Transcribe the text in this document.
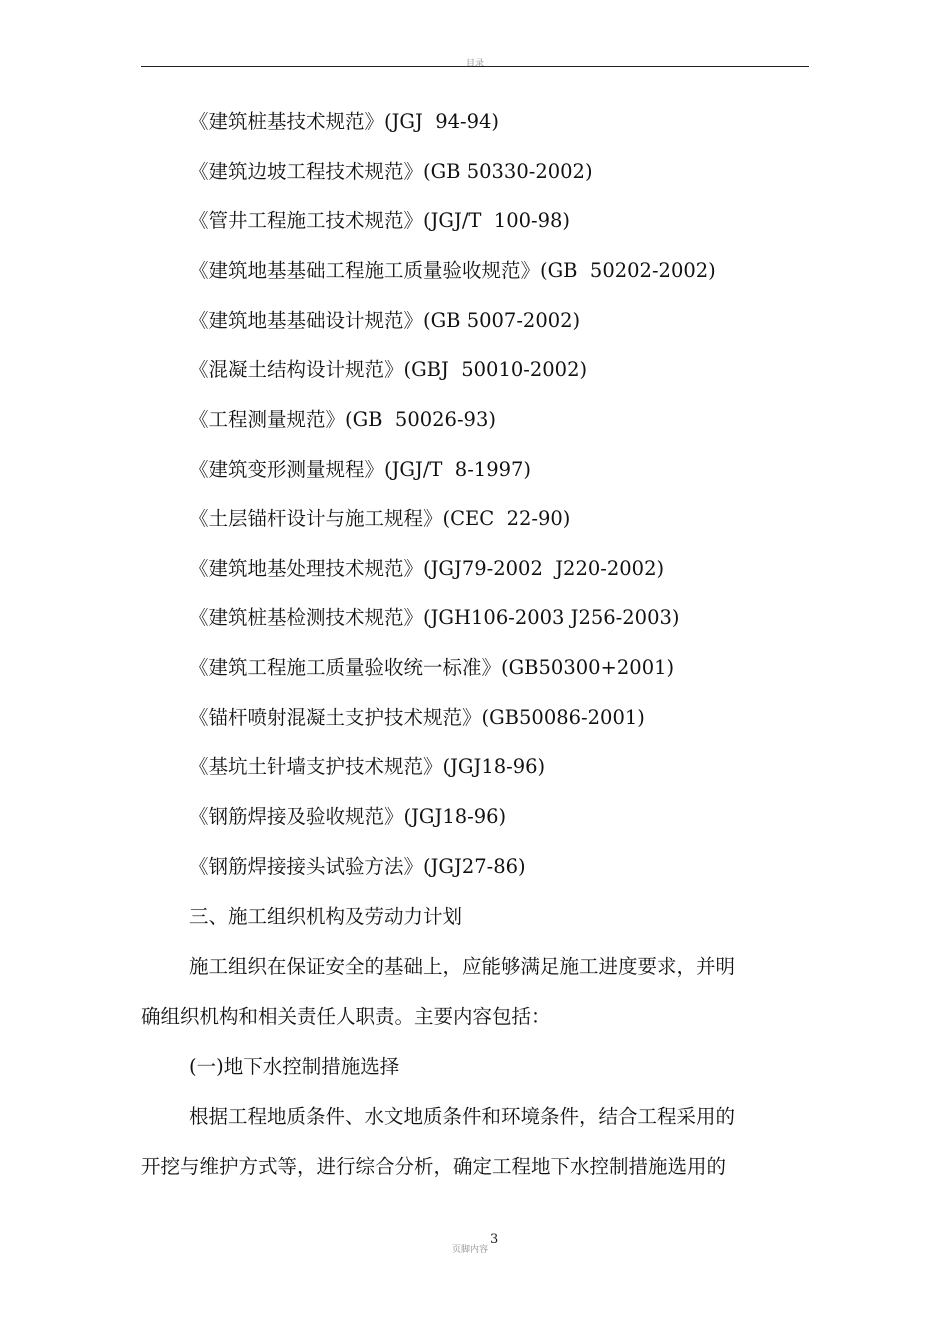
目录
《建筑桩基技术规范》(JGJ  94-94)
《建筑边坡工程技术规范》(GB 50330-2002)
《管井工程施工技术规范》(JGJ/T  100-98)
《建筑地基基础工程施工质量验收规范》(GB  50202-2002)
《建筑地基基础设计规范》(GB 5007-2002)
《混凝土结构设计规范》(GBJ  50010-2002)
《工程测量规范》(GB  50026-93)
《建筑变形测量规程》(JGJ/T  8-1997)
《土层锚杆设计与施工规程》(CEC  22-90)
《建筑地基处理技术规范》(JGJ79-2002  J220-2002)
《建筑桩基检测技术规范》(JGH106-2003 J256-2003)
《建筑工程施工质量验收统一标准》(GB50300+2001)
《锚杆喷射混凝土支护技术规范》(GB50086-2001)
《基坑土针墙支护技术规范》(JGJ18-96)
《钢筋焊接及验收规范》(JGJ18-96)
《钢筋焊接接头试验方法》(JGJ27-86)
三、施工组织机构及劳动力计划
施工组织在保证安全的基础上，应能够满足施工进度要求，并明
确组织机构和相关责任人职责。主要内容包括：
(一)地下水控制措施选择
根据工程地质条件、水文地质条件和环境条件，结合工程采用的
开挖与维护方式等，进行综合分析，确定工程地下水控制措施选用的
页脚内容
3
